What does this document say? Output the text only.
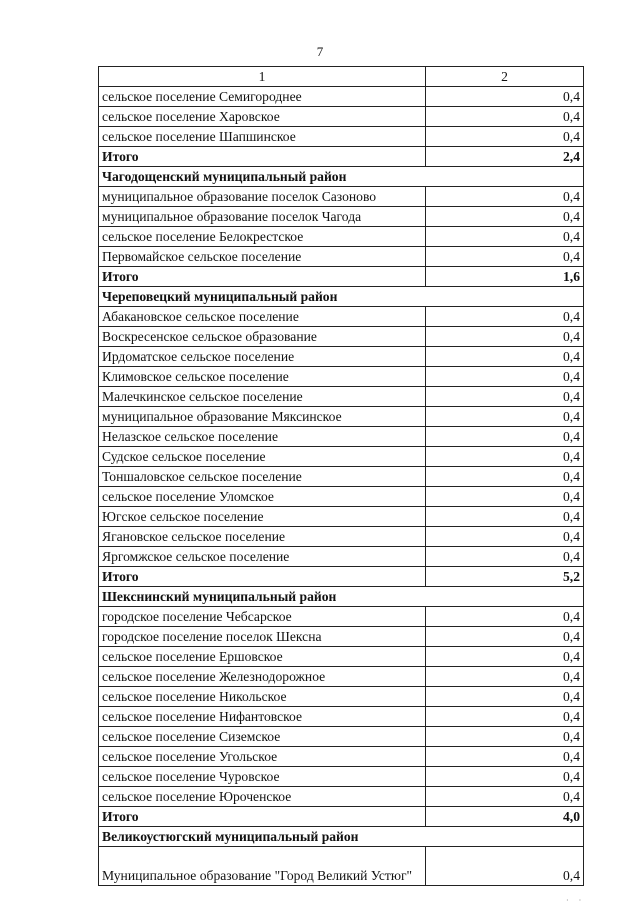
7
1	2
сельское поселение Семигороднее	0,4
сельское поселение Харовское	0,4
сельское поселение Шапшинское	0,4
Итого	2,4
Чагодощенский муниципальный район	
муниципальное образование поселок Сазоново	0,4
муниципальное образование поселок Чагода	0,4
сельское поселение Белокрестское	0,4
Первомайское сельское поселение	0,4
Итого	1,6
Череповецкий муниципальный район	
Абакановское сельское поселение	0,4
Воскресенское сельское образование	0,4
Ирдоматское сельское поселение	0,4
Климовское сельское поселение	0,4
Малечкинское сельское поселение	0,4
муниципальное образование Мяксинское	0,4
Нелазское сельское поселение	0,4
Судское сельское поселение	0,4
Тоншаловское сельское поселение	0,4
сельское поселение Уломское	0,4
Югское сельское поселение	0,4
Ягановское сельское поселение	0,4
Яргомжское сельское поселение	0,4
Итого	5,2
Шекснинский муниципальный район	
городское поселение Чебсарское	0,4
городское поселение поселок Шексна	0,4
сельское поселение Ершовское	0,4
сельское поселение Железнодорожное	0,4
сельское поселение Никольское	0,4
сельское поселение Нифантовское	0,4
сельское поселение Сиземское	0,4
сельское поселение Угольское	0,4
сельское поселение Чуровское	0,4
сельское поселение Юроченское	0,4
Итого	4,0
Великоустюгский муниципальный район	
Муниципальное образование "Город Великий Устюг"	0,4
· ·
